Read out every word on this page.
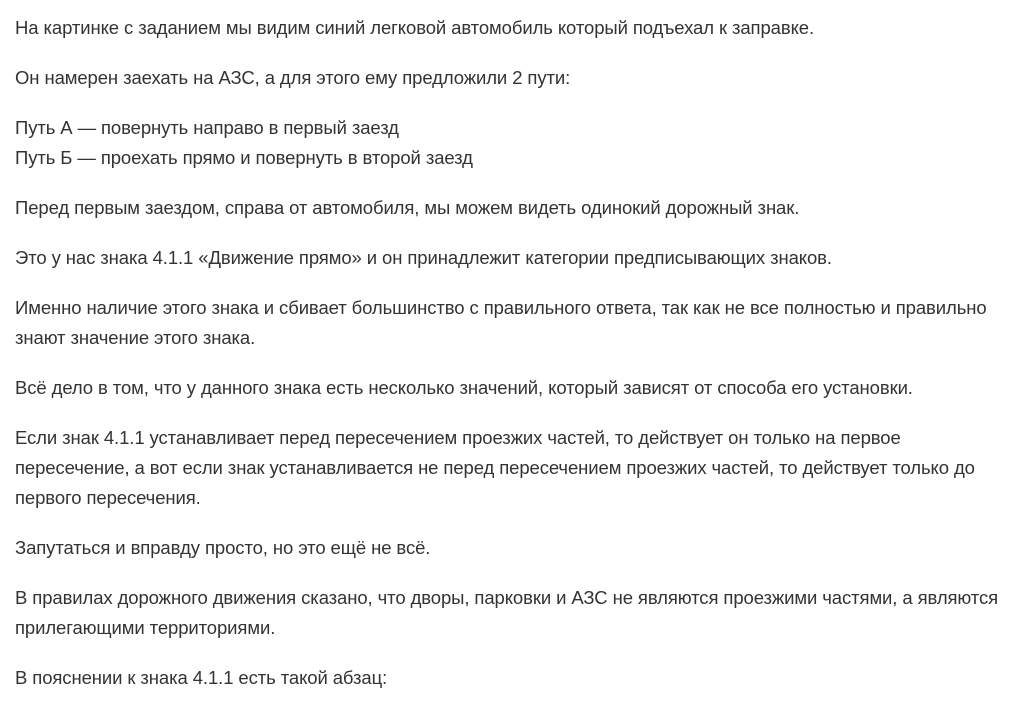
На картинке с заданием мы видим синий легковой автомобиль который подъехал к заправке.

Он намерен заехать на АЗС, а для этого ему предложили 2 пути:

Путь А — повернуть направо в первый заезд
Путь Б — проехать прямо и повернуть в второй заезд

Перед первым заездом, справа от автомобиля, мы можем видеть одинокий дорожный знак.

Это у нас знака 4.1.1 «Движение прямо» и он принадлежит категории предписывающих знаков.

Именно наличие этого знака и сбивает большинство с правильного ответа, так как не все полностью и правильно знают значение этого знака.

Всё дело в том, что у данного знака есть несколько значений, который зависят от способа его установки.

Если знак 4.1.1 устанавливает перед пересечением проезжих частей, то действует он только на первое пересечение, а вот если знак устанавливается не перед пересечением проезжих частей, то действует только до первого пересечения.

Запутаться и вправду просто, но это ещё не всё.

В правилах дорожного движения сказано, что дворы, парковки и АЗС не являются проезжими частями, а являются прилегающими территориями.

В пояснении к знака 4.1.1 есть такой абзац:
